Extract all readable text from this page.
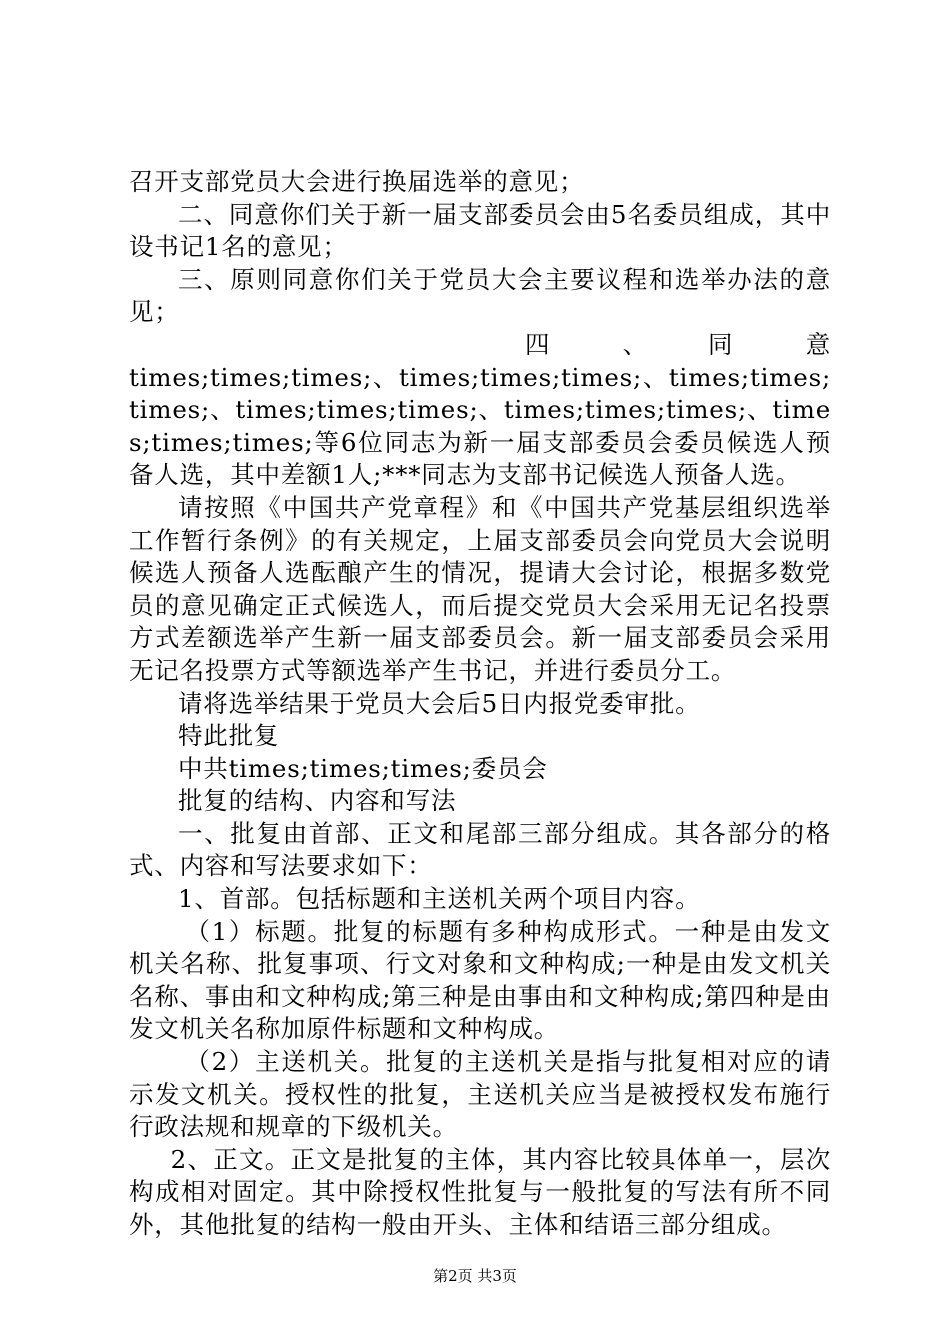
召开支部党员大会进行换届选举的意见；

二、同意你们关于新一届支部委员会由5名委员组成，其中设书记1名的意见；

三、原则同意你们关于党员大会主要议程和选举办法的意见；

四　、　同　意

times;times;times;、times;times;times;、times;times;times;、times;times;times;、times;times;times;、times;times;times;等6位同志为新一届支部委员会委员候选人预备人选，其中差额1人;***同志为支部书记候选人预备人选。

请按照《中国共产党章程》和《中国共产党基层组织选举工作暂行条例》的有关规定，上届支部委员会向党员大会说明候选人预备人选酝酿产生的情况，提请大会讨论，根据多数党员的意见确定正式候选人，而后提交党员大会采用无记名投票方式差额选举产生新一届支部委员会。新一届支部委员会采用无记名投票方式等额选举产生书记，并进行委员分工。

请将选举结果于党员大会后5日内报党委审批。

特此批复

中共times;times;times;委员会

批复的结构、内容和写法

一、批复由首部、正文和尾部三部分组成。其各部分的格式、内容和写法要求如下：

1、首部。包括标题和主送机关两个项目内容。

（1）标题。批复的标题有多种构成形式。一种是由发文机关名称、批复事项、行文对象和文种构成;一种是由发文机关名称、事由和文种构成;第三种是由事由和文种构成;第四种是由发文机关名称加原件标题和文种构成。

（2）主送机关。批复的主送机关是指与批复相对应的请示发文机关。授权性的批复，主送机关应当是被授权发布施行行政法规和规章的下级机关。

2、正文。正文是批复的主体，其内容比较具体单一，层次构成相对固定。其中除授权性批复与一般批复的写法有所不同外，其他批复的结构一般由开头、主体和结语三部分组成。

第2页 共3页
